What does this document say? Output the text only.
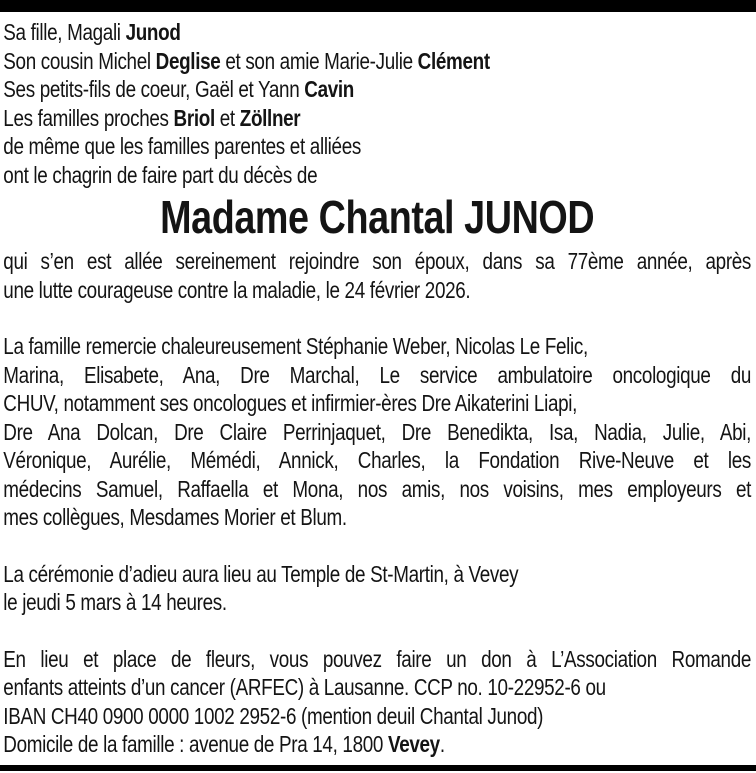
Sa fille, Magali Junod
Son cousin Michel Deglise et son amie Marie-Julie Clément
Ses petits-fils de coeur, Gaël et Yann Cavin
Les familles proches Briol et Zöllner
de même que les familles parentes et alliées
ont le chagrin de faire part du décès de
Madame Chantal JUNOD
qui s’en est allée sereinement rejoindre son époux, dans sa 77ème année, après
une lutte courageuse contre la maladie, le 24 février 2026.
La famille remercie chaleureusement Stéphanie Weber, Nicolas Le Felic,
Marina, Elisabete, Ana, Dre Marchal, Le service ambulatoire oncologique du
CHUV, notamment ses oncologues et infirmier-ères Dre Aikaterini Liapi,
Dre Ana Dolcan, Dre Claire Perrinjaquet, Dre Benedikta, Isa, Nadia, Julie, Abi,
Véronique, Aurélie, Mémédi, Annick, Charles, la Fondation Rive-Neuve et les
médecins Samuel, Raffaella et Mona, nos amis, nos voisins, mes employeurs et
mes collègues, Mesdames Morier et Blum.
La cérémonie d’adieu aura lieu au Temple de St-Martin, à Vevey
le jeudi 5 mars à 14 heures.
En lieu et place de fleurs, vous pouvez faire un don à L’Association Romande
enfants atteints d’un cancer (ARFEC) à Lausanne. CCP no. 10-22952-6 ou
IBAN CH40 0900 0000 1002 2952-6 (mention deuil Chantal Junod)
Domicile de la famille : avenue de Pra 14, 1800 Vevey.
